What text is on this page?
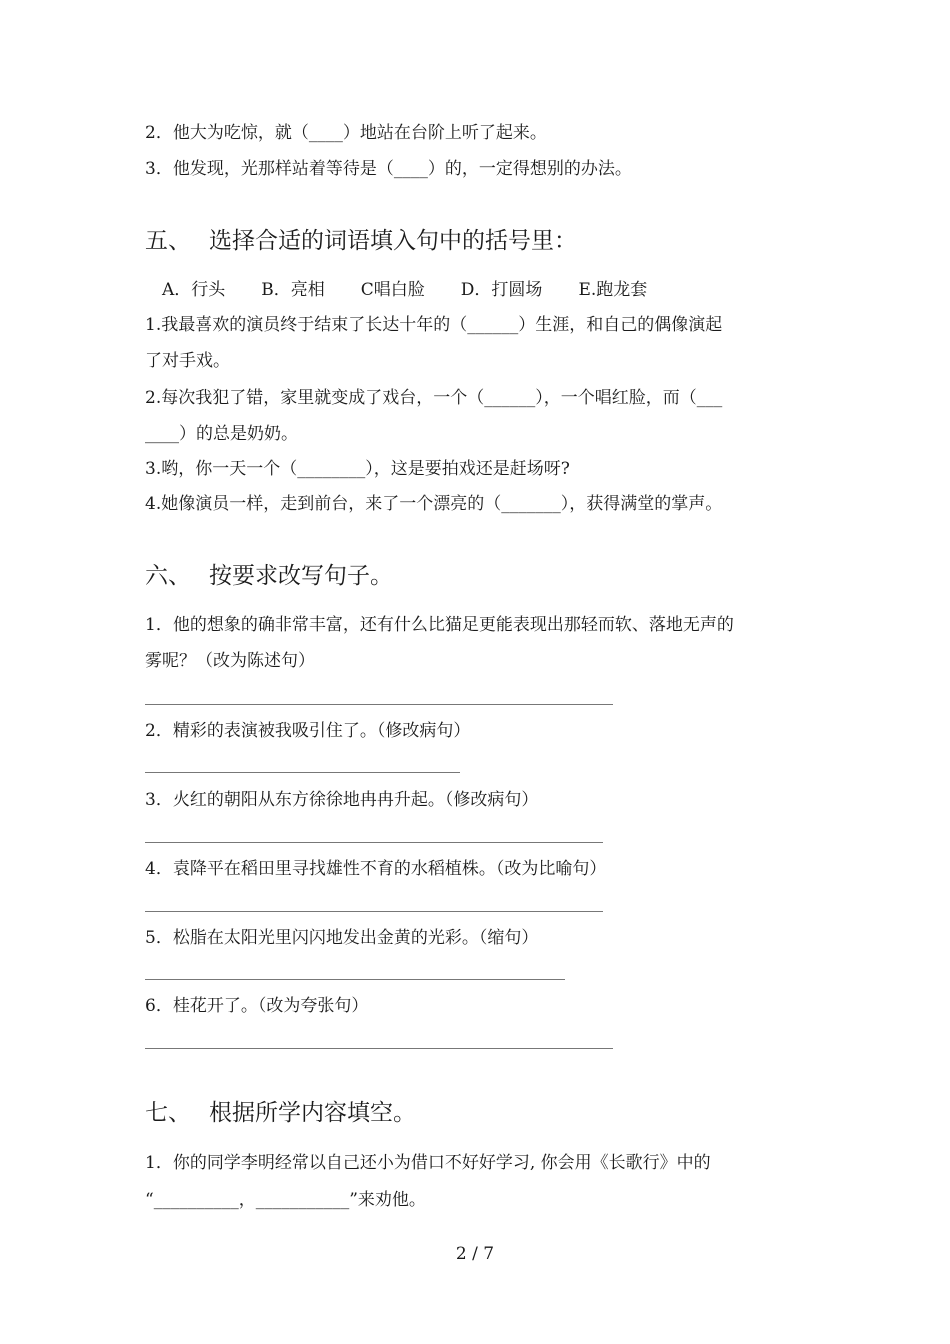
2．他大为吃惊，就（____）地站在台阶上听了起来。
3．他发现，光那样站着等待是（____）的，一定得想别的办法。
五、 选择合适的词语填入句中的括号里：
A．行头 B．亮相 C唱白脸 D．打圆场 E.跑龙套
1.我最喜欢的演员终于结束了长达十年的（______）生涯，和自己的偶像演起
了对手戏。
2.每次我犯了错，家里就变成了戏台，一个（______），一个唱红脸，而（___
____）的总是奶奶。
3.哟，你一天一个（________），这是要拍戏还是赶场呀?
4.她像演员一样，走到前台，来了一个漂亮的（_______），获得满堂的掌声。
六、 按要求改写句子。
1．他的想象的确非常丰富，还有什么比猫足更能表现出那轻而软、落地无声的
雾呢？（改为陈述句）
2．精彩的表演被我吸引住了。（修改病句）
3．火红的朝阳从东方徐徐地冉冉升起。（修改病句）
4．袁降平在稻田里寻找雄性不育的水稻植株。（改为比喻句）
5．松脂在太阳光里闪闪地发出金黄的光彩。（缩句）
6．桂花开了。（改为夸张句）
七、 根据所学内容填空。
1．你的同学李明经常以自己还小为借口不好好学习, 你会用《长歌行》中的
“__________，___________”来劝他。
2 / 7
